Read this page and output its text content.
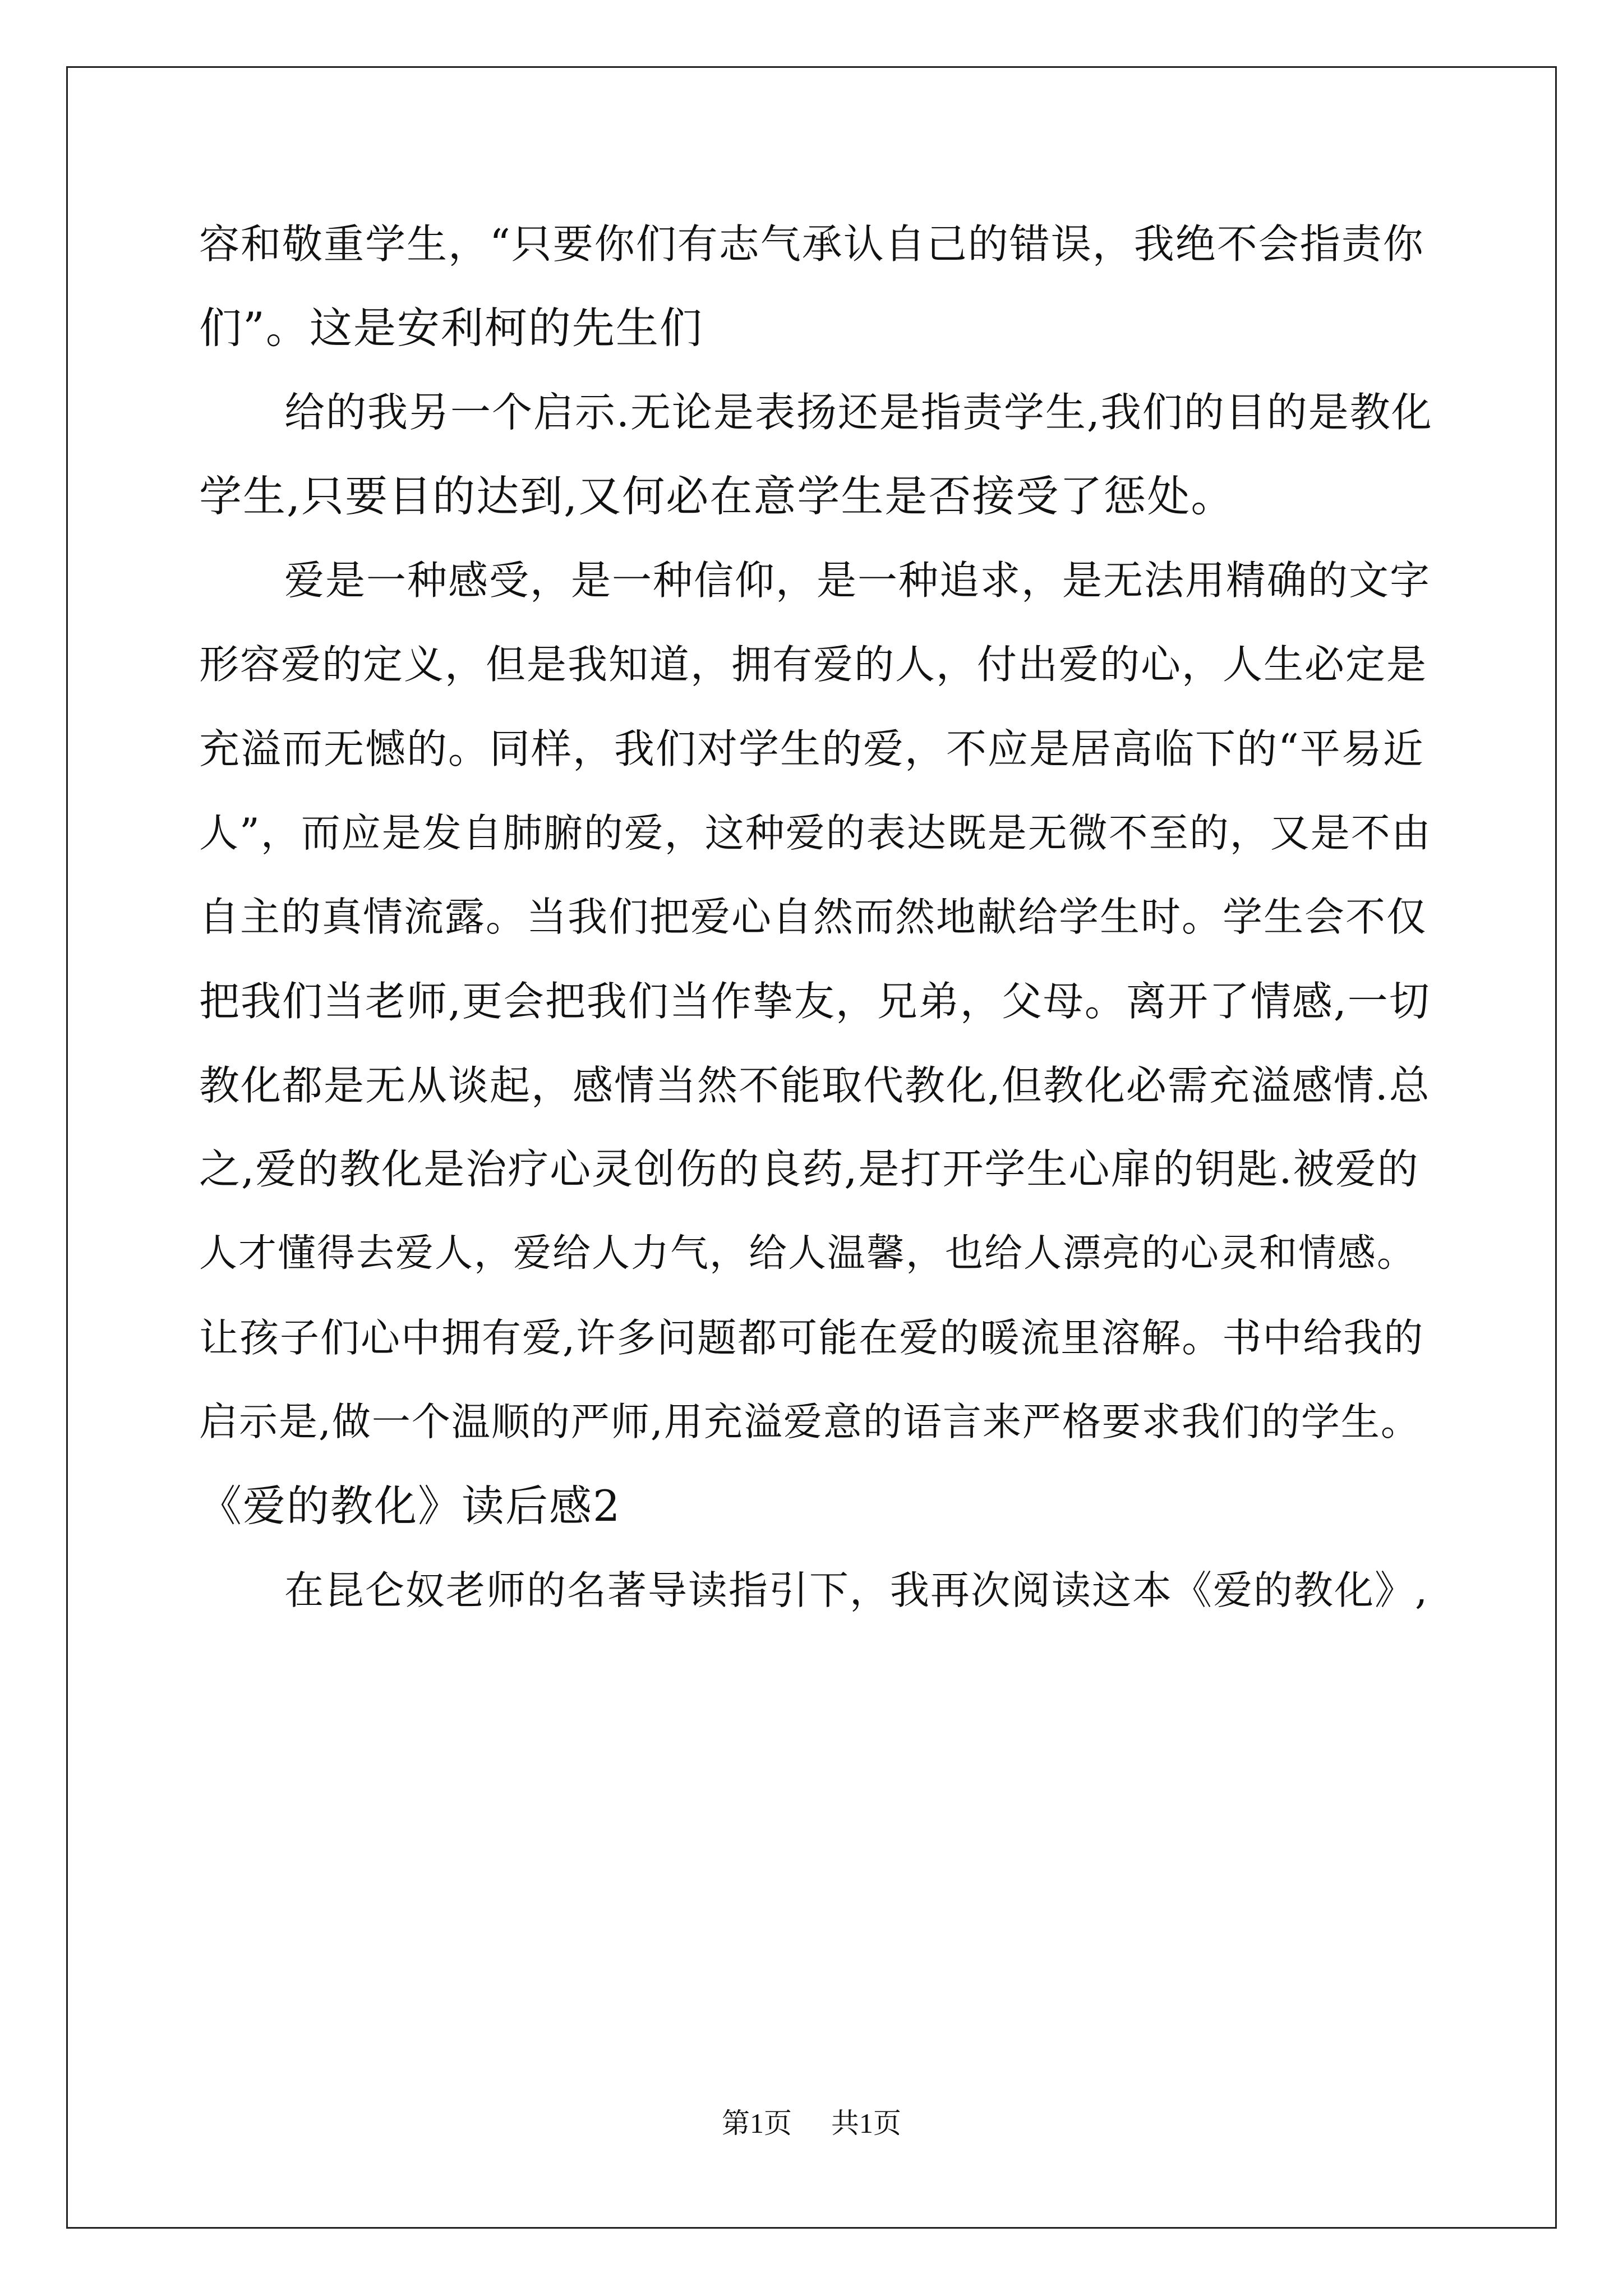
容和敬重学生，“只要你们有志气承认自己的错误，我绝不会指责你
们”。这是安利柯的先生们
给的我另一个启示.无论是表扬还是指责学生,我们的目的是教化
学生,只要目的达到,又何必在意学生是否接受了惩处。
爱是一种感受，是一种信仰，是一种追求，是无法用精确的文字
形容爱的定义，但是我知道，拥有爱的人，付出爱的心，人生必定是
充溢而无憾的。同样，我们对学生的爱，不应是居高临下的“平易近
人”，而应是发自肺腑的爱，这种爱的表达既是无微不至的，又是不由
自主的真情流露。当我们把爱心自然而然地献给学生时。学生会不仅
把我们当老师,更会把我们当作挚友，兄弟，父母。离开了情感,一切
教化都是无从谈起，感情当然不能取代教化,但教化必需充溢感情.总
之,爱的教化是治疗心灵创伤的良药,是打开学生心扉的钥匙.被爱的
人才懂得去爱人，爱给人力气，给人温馨，也给人漂亮的心灵和情感。
让孩子们心中拥有爱,许多问题都可能在爱的暖流里溶解。书中给我的
启示是,做一个温顺的严师,用充溢爱意的语言来严格要求我们的学生。
《爱的教化》读后感2
在昆仑奴老师的名著导读指引下，我再次阅读这本《爱的教化》,
第1页 共1页
